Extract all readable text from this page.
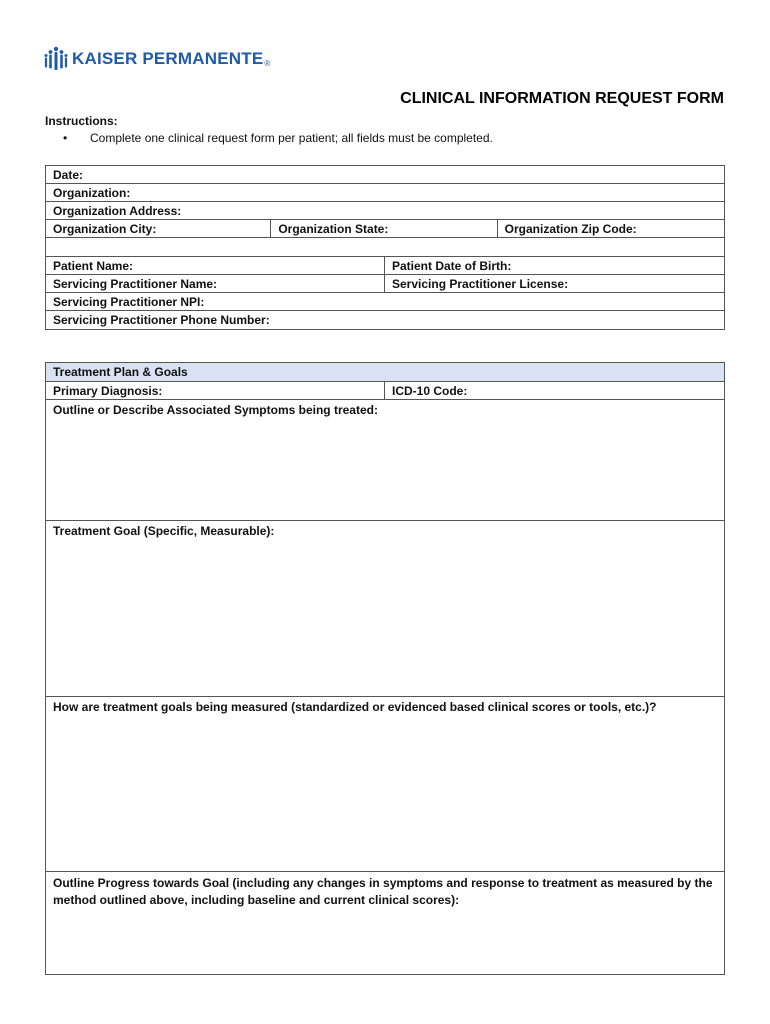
KAISER PERMANENTE ®
CLINICAL INFORMATION REQUEST FORM
Instructions:
•	Complete one clinical request form per patient; all fields must be completed.
Date:
Organization:
Organization Address:
Organization City:	Organization State:	Organization Zip Code:
Patient Name:	Patient Date of Birth:
Servicing Practitioner Name:	Servicing Practitioner License:
Servicing Practitioner NPI:
Servicing Practitioner Phone Number:
Treatment Plan & Goals
Primary Diagnosis:	ICD-10 Code:
Outline or Describe Associated Symptoms being treated:
Treatment Goal (Specific, Measurable):
How are treatment goals being measured (standardized or evidenced based clinical scores or tools, etc.)?
Outline Progress towards Goal (including any changes in symptoms and response to treatment as measured by the method outlined above, including baseline and current clinical scores):
